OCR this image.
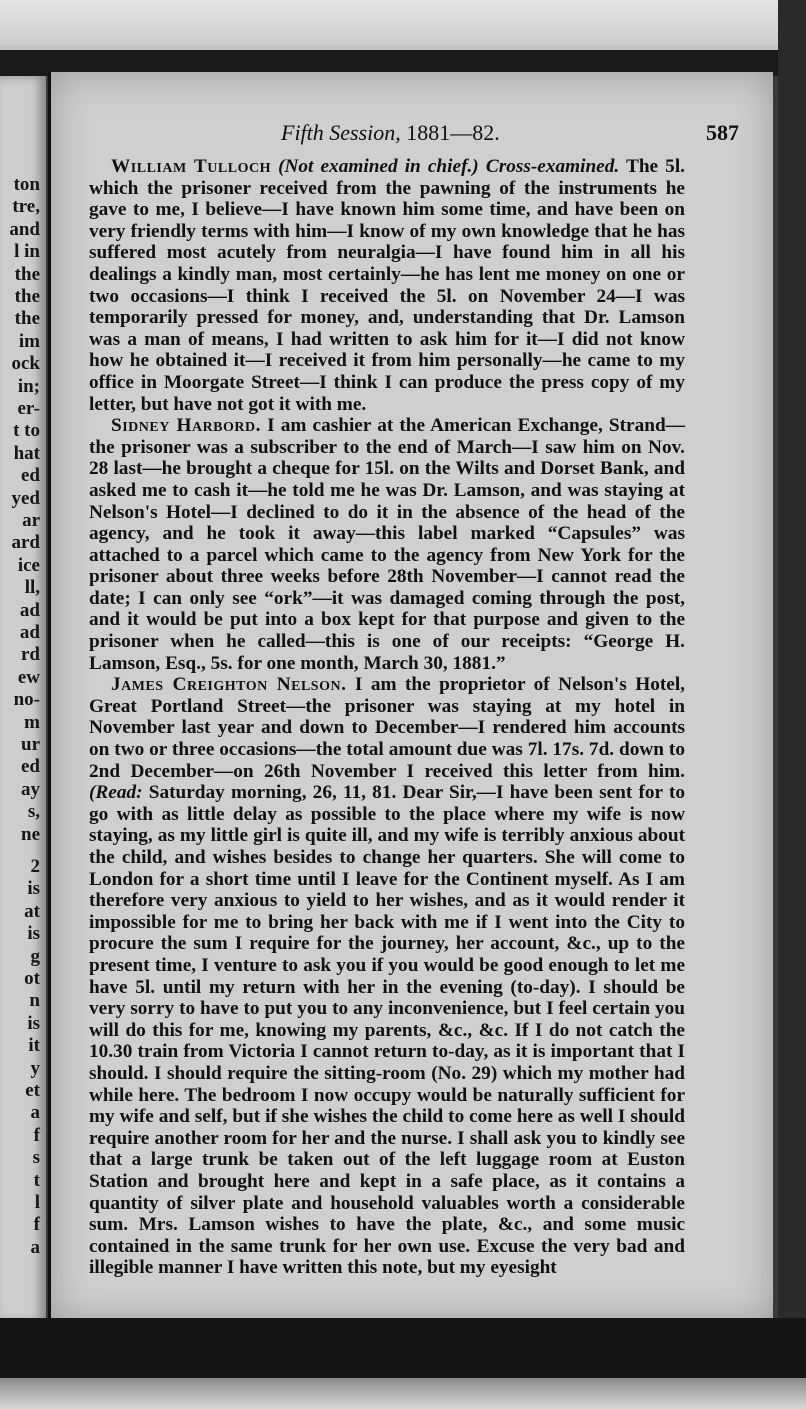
ton
tre,
and
l in
the
the
the
im
ock
in;
er-
t to
hat
ed
yed
ar
ard
ice
ll,
ad
ad
rd
ew
no-
m
ur
ed
ay
s,
ne
2
is
at
is
g
ot
n
is
it
y
et
a
f
s
t
l
f
a
Fifth Session, 1881—82.	587

William Tulloch (Not examined in chief.) Cross-examined. The 5l. which the prisoner received from the pawning of the instruments he gave to me, I believe—I have known him some time, and have been on very friendly terms with him—I know of my own knowledge that he has suffered most acutely from neuralgia—I have found him in all his dealings a kindly man, most certainly—he has lent me money on one or two occasions—I think I received the 5l. on November 24—I was temporarily pressed for money, and, understanding that Dr. Lamson was a man of means, I had written to ask him for it—I did not know how he obtained it—I received it from him personally—he came to my office in Moorgate Street—I think I can produce the press copy of my letter, but have not got it with me.

Sidney Harbord. I am cashier at the American Exchange, Strand—the prisoner was a subscriber to the end of March—I saw him on Nov. 28 last—he brought a cheque for 15l. on the Wilts and Dorset Bank, and asked me to cash it—he told me he was Dr. Lamson, and was staying at Nelson's Hotel—I declined to do it in the absence of the head of the agency, and he took it away—this label marked “Capsules” was attached to a parcel which came to the agency from New York for the prisoner about three weeks before 28th November—I cannot read the date; I can only see “ork”—it was damaged coming through the post, and it would be put into a box kept for that purpose and given to the prisoner when he called—this is one of our receipts: “George H. Lamson, Esq., 5s. for one month, March 30, 1881.”

James Creighton Nelson. I am the proprietor of Nelson's Hotel, Great Portland Street—the prisoner was staying at my hotel in November last year and down to December—I rendered him accounts on two or three occasions—the total amount due was 7l. 17s. 7d. down to 2nd December—on 26th November I received this letter from him. (Read: Saturday morning, 26, 11, 81. Dear Sir,—I have been sent for to go with as little delay as possible to the place where my wife is now staying, as my little girl is quite ill, and my wife is terribly anxious about the child, and wishes besides to change her quarters. She will come to London for a short time until I leave for the Continent myself. As I am therefore very anxious to yield to her wishes, and as it would render it impossible for me to bring her back with me if I went into the City to procure the sum I require for the journey, her account, &c., up to the present time, I venture to ask you if you would be good enough to let me have 5l. until my return with her in the evening (to-day). I should be very sorry to have to put you to any inconvenience, but I feel certain you will do this for me, knowing my parents, &c., &c. If I do not catch the 10.30 train from Victoria I cannot return to-day, as it is important that I should. I should require the sitting-room (No. 29) which my mother had while here. The bedroom I now occupy would be naturally sufficient for my wife and self, but if she wishes the child to come here as well I should require another room for her and the nurse. I shall ask you to kindly see that a large trunk be taken out of the left luggage room at Euston Station and brought here and kept in a safe place, as it contains a quantity of silver plate and household valuables worth a considerable sum. Mrs. Lamson wishes to have the plate, &c., and some music contained in the same trunk for her own use. Excuse the very bad and illegible manner I have written this note, but my eyesight
